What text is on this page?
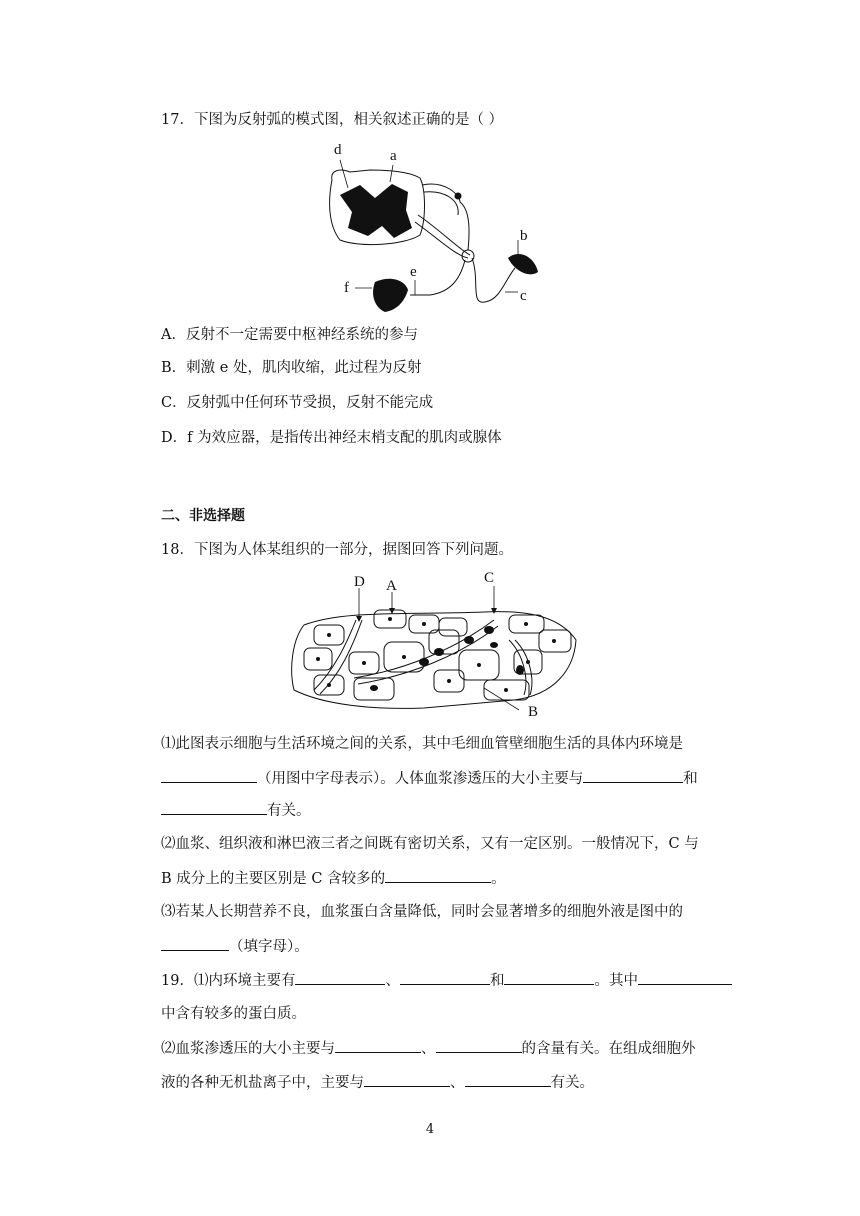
17．下图为反射弧的模式图，相关叙述正确的是（ ）
d	a
b
c
e
f
A．反射不一定需要中枢神经系统的参与
B．刺激 e 处，肌肉收缩，此过程为反射
C．反射弧中任何环节受损，反射不能完成
D．f 为效应器，是指传出神经末梢支配的肌肉或腺体
二、非选择题
18．下图为人体某组织的一部分，据图回答下列问题。
D A	C
B
⑴此图表示细胞与生活环境之间的关系，其中毛细血管壁细胞生活的具体内环境是
（用图中字母表示）。人体血浆渗透压的大小主要与	和
有关。
⑵血浆、组织液和淋巴液三者之间既有密切关系，又有一定区别。一般情况下，C 与
B 成分上的主要区别是 C 含较多的	。
⑶若某人长期营养不良，血浆蛋白含量降低，同时会显著增多的细胞外液是图中的
（填字母）。
19．⑴内环境主要有	、	和	。其中
中含有较多的蛋白质。
⑵血浆渗透压的大小主要与	、	的含量有关。在组成细胞外
液的各种无机盐离子中，主要与	、	有关。
4
